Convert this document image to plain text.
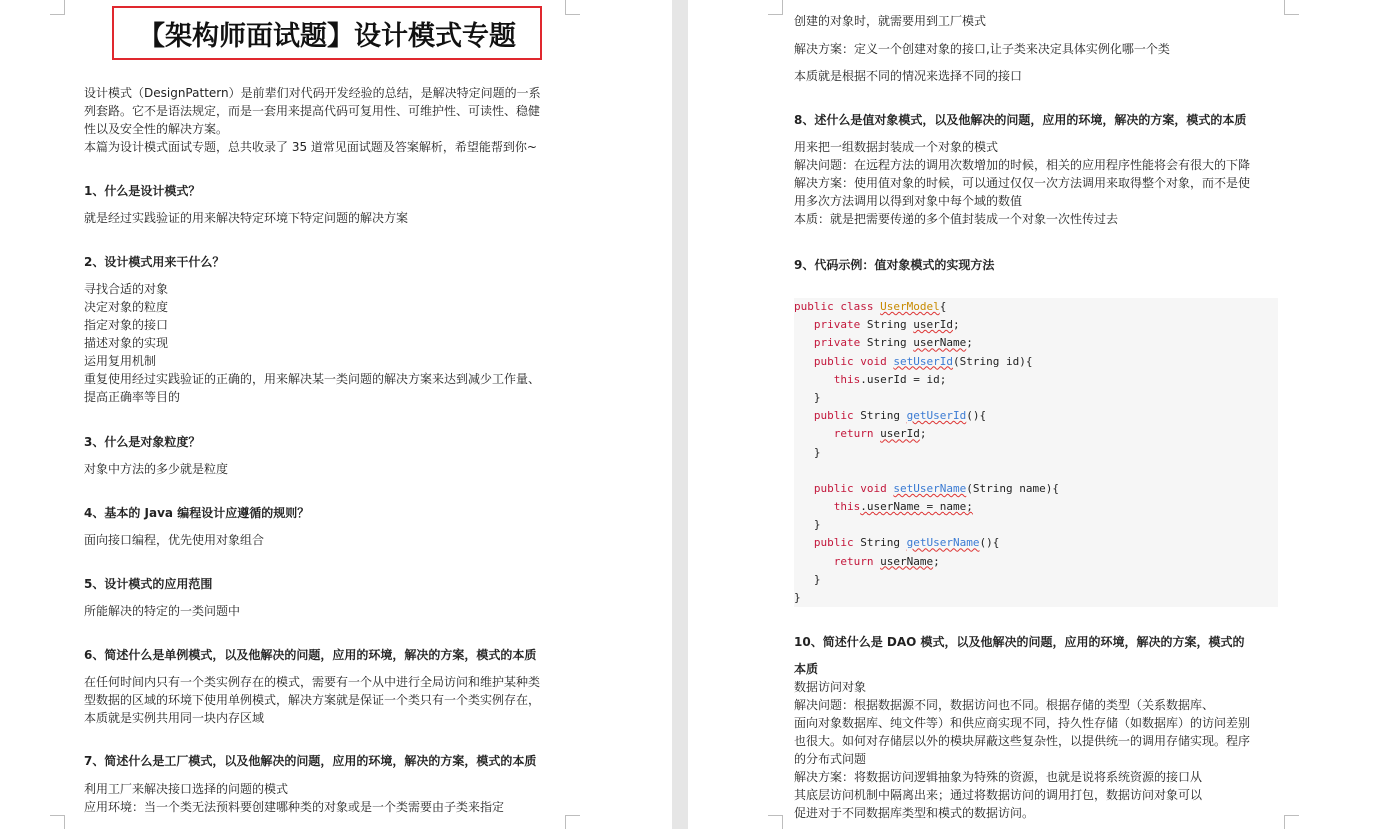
【架构师面试题】设计模式专题

设计模式（DesignPattern）是前辈们对代码开发经验的总结，是解决特定问题的一系

列套路。它不是语法规定，而是一套用来提高代码可复用性、可维护性、可读性、稳健

性以及安全性的解决方案。

本篇为设计模式面试专题，总共收录了 35 道常见面试题及答案解析，希望能帮到你~

1、什么是设计模式？

就是经过实践验证的用来解决特定环境下特定问题的解决方案

2、设计模式用来干什么？

寻找合适的对象

决定对象的粒度

指定对象的接口

描述对象的实现

运用复用机制

重复使用经过实践验证的正确的，用来解决某一类问题的解决方案来达到减少工作量、

提高正确率等目的

3、什么是对象粒度？

对象中方法的多少就是粒度

4、基本的 Java 编程设计应遵循的规则？

面向接口编程，优先使用对象组合

5、设计模式的应用范围

所能解决的特定的一类问题中

6、简述什么是单例模式，以及他解决的问题，应用的环境，解决的方案，模式的本质

在任何时间内只有一个类实例存在的模式，需要有一个从中进行全局访问和维护某种类

型数据的区域的环境下使用单例模式，解决方案就是保证一个类只有一个类实例存在，

本质就是实例共用同一块内存区域

7、简述什么是工厂模式，以及他解决的问题，应用的环境，解决的方案，模式的本质

利用工厂来解决接口选择的问题的模式

应用环境：当一个类无法预料要创建哪种类的对象或是一个类需要由子类来指定

创建的对象时，就需要用到工厂模式

解决方案：定义一个创建对象的接口,让子类来决定具体实例化哪一个类

本质就是根据不同的情况来选择不同的接口

8、述什么是值对象模式，以及他解决的问题，应用的环境，解决的方案，模式的本质

用来把一组数据封装成一个对象的模式

解决问题：在远程方法的调用次数增加的时候，相关的应用程序性能将会有很大的下降

解决方案：使用值对象的时候，可以通过仅仅一次方法调用来取得整个对象，而不是使

用多次方法调用以得到对象中每个域的数值

本质：就是把需要传递的多个值封装成一个对象一次性传过去

9、代码示例：值对象模式的实现方法

public class UserModel{
private String userId;
private String userName;
public void setUserId(String id){
this.userId = id;
}
public String getUserId(){
return userId;
}

public void setUserName(String name){
this.userName = name;
}
public String getUserName(){
return userName;
}
}

10、简述什么是 DAO 模式，以及他解决的问题，应用的环境，解决的方案，模式的

本质

数据访问对象

解决问题：根据数据源不同，数据访问也不同。根据存储的类型（关系数据库、

面向对象数据库、纯文件等）和供应商实现不同，持久性存储（如数据库）的访问差别

也很大。如何对存储层以外的模块屏蔽这些复杂性，以提供统一的调用存储实现。程序

的分布式问题

解决方案：将数据访问逻辑抽象为特殊的资源，也就是说将系统资源的接口从

其底层访问机制中隔离出来；通过将数据访问的调用打包，数据访问对象可以

促进对于不同数据库类型和模式的数据访问。
